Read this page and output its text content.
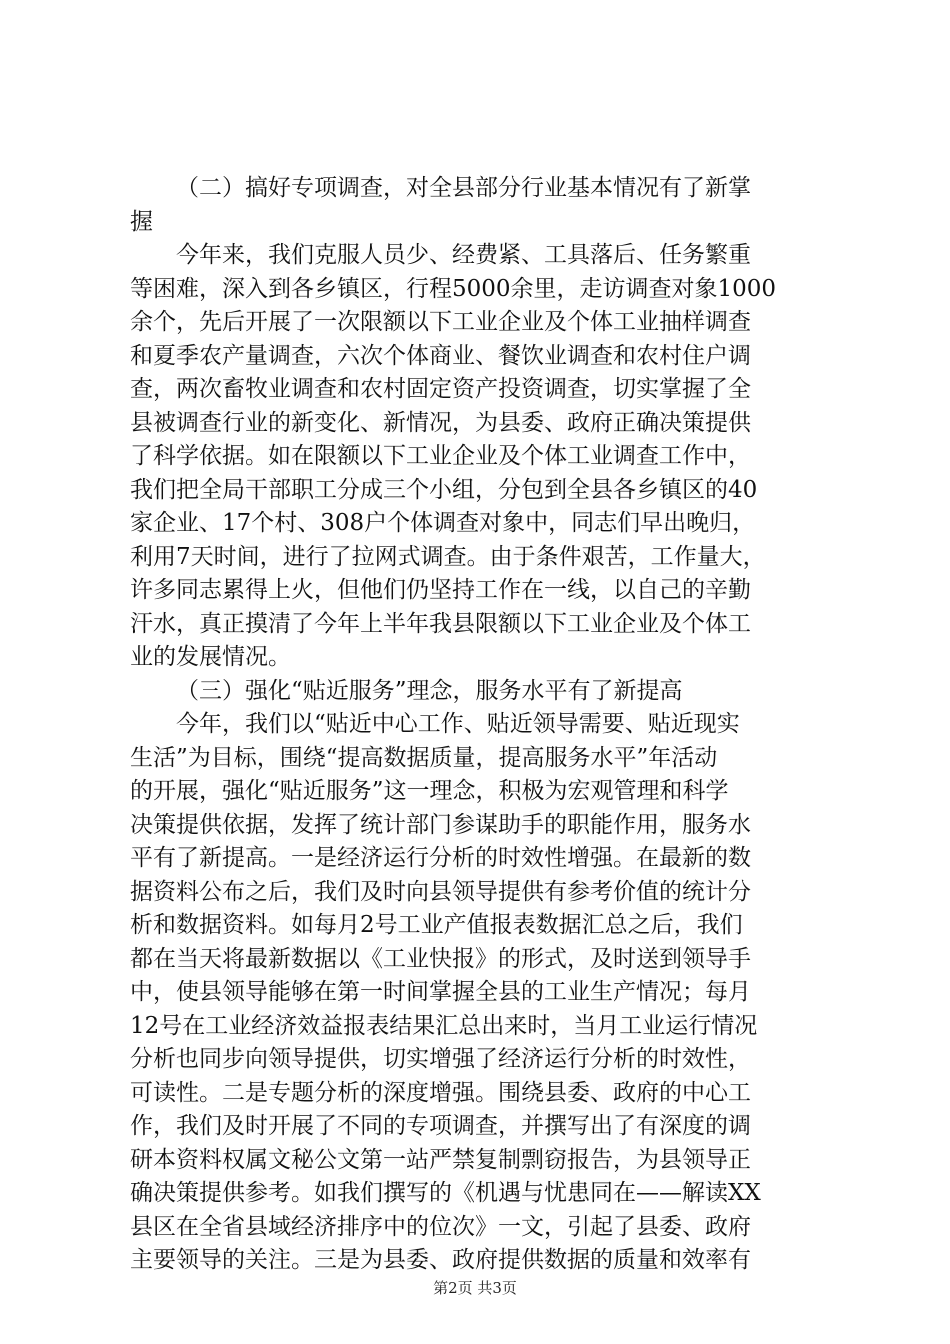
（二）搞好专项调查，对全县部分行业基本情况有了新掌
握
今年来，我们克服人员少、经费紧、工具落后、任务繁重
等困难，深入到各乡镇区，行程5000余里，走访调查对象1000
余个，先后开展了一次限额以下工业企业及个体工业抽样调查
和夏季农产量调查，六次个体商业、餐饮业调查和农村住户调
查，两次畜牧业调查和农村固定资产投资调查，切实掌握了全
县被调查行业的新变化、新情况，为县委、政府正确决策提供
了科学依据。如在限额以下工业企业及个体工业调查工作中，
我们把全局干部职工分成三个小组，分包到全县各乡镇区的40
家企业、17个村、308户个体调查对象中，同志们早出晚归，
利用7天时间，进行了拉网式调查。由于条件艰苦，工作量大，
许多同志累得上火，但他们仍坚持工作在一线，以自己的辛勤
汗水，真正摸清了今年上半年我县限额以下工业企业及个体工
业的发展情况。
（三）强化“贴近服务”理念，服务水平有了新提高
今年，我们以“贴近中心工作、贴近领导需要、贴近现实
生活”为目标，围绕“提高数据质量，提高服务水平”年活动
的开展，强化“贴近服务”这一理念，积极为宏观管理和科学
决策提供依据，发挥了统计部门参谋助手的职能作用，服务水
平有了新提高。一是经济运行分析的时效性增强。在最新的数
据资料公布之后，我们及时向县领导提供有参考价值的统计分
析和数据资料。如每月2号工业产值报表数据汇总之后，我们
都在当天将最新数据以《工业快报》的形式，及时送到领导手
中，使县领导能够在第一时间掌握全县的工业生产情况；每月
12号在工业经济效益报表结果汇总出来时，当月工业运行情况
分析也同步向领导提供，切实增强了经济运行分析的时效性，
可读性。二是专题分析的深度增强。围绕县委、政府的中心工
作，我们及时开展了不同的专项调查，并撰写出了有深度的调
研本资料权属文秘公文第一站严禁复制剽窃报告，为县领导正
确决策提供参考。如我们撰写的《机遇与忧患同在——解读XX
县区在全省县域经济排序中的位次》一文，引起了县委、政府
主要领导的关注。三是为县委、政府提供数据的质量和效率有
第2页 共3页
